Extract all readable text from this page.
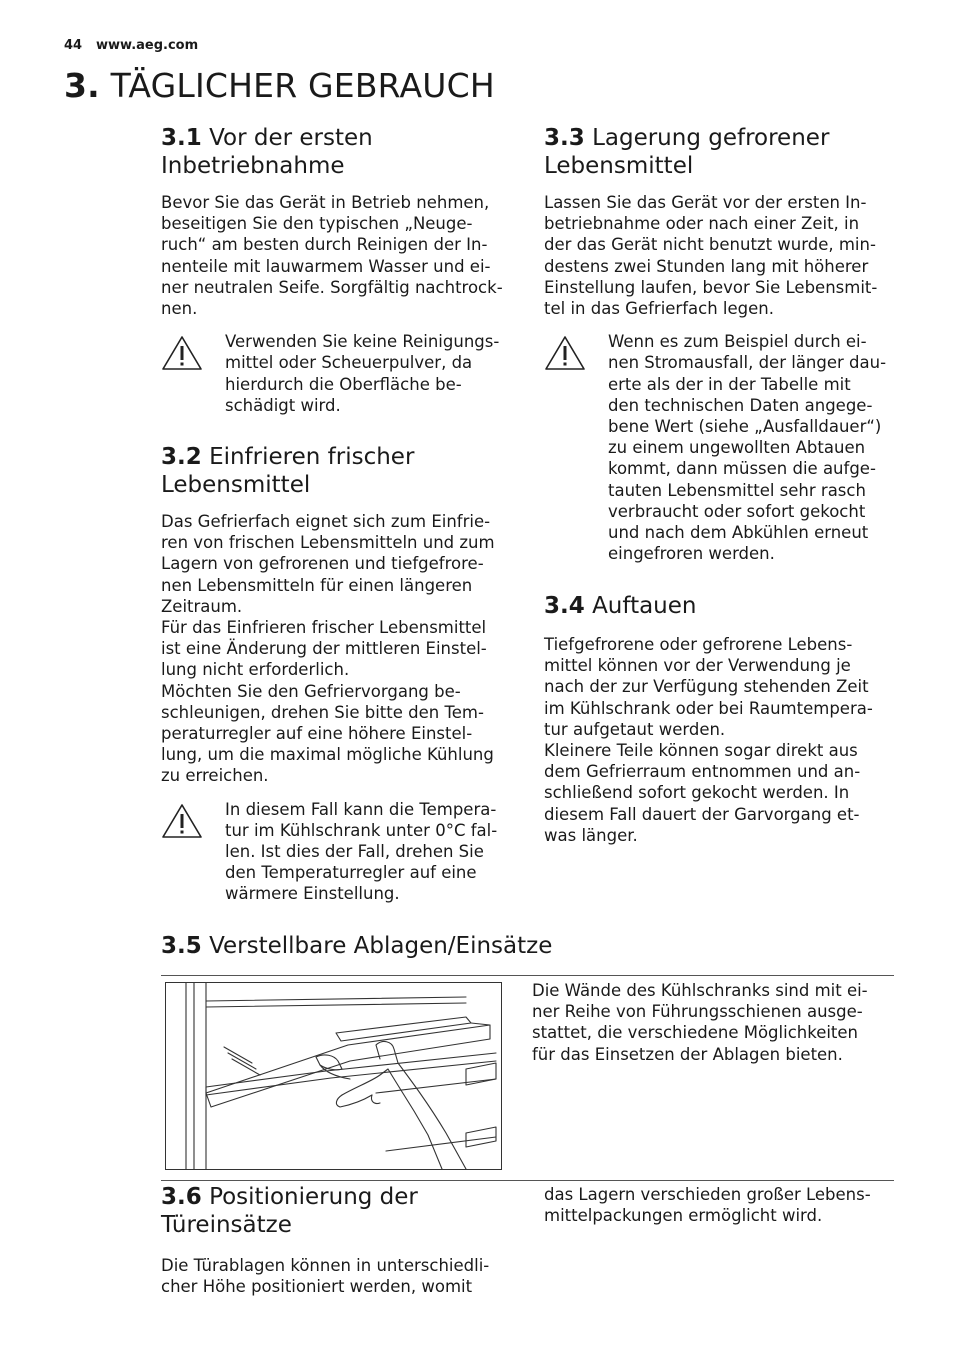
44 www.aeg.com
3. TÄGLICHER GEBRAUCH
3.1 Vor der ersten
Inbetriebnahme

Bevor Sie das Gerät in Betrieb nehmen,
beseitigen Sie den typischen „Neuge-
ruch“ am besten durch Reinigen der In-
nenteile mit lauwarmem Wasser und ei-
ner neutralen Seife. Sorgfältig nachtrock-
nen.

Verwenden Sie keine Reinigungs-
mittel oder Scheuerpulver, da
hierdurch die Oberfläche be-
schädigt wird.
3.2 Einfrieren frischer
Lebensmittel

Das Gefrierfach eignet sich zum Einfrie-
ren von frischen Lebensmitteln und zum
Lagern von gefrorenen und tiefgefrore-
nen Lebensmitteln für einen längeren
Zeitraum.
Für das Einfrieren frischer Lebensmittel
ist eine Änderung der mittleren Einstel-
lung nicht erforderlich.
Möchten Sie den Gefriervorgang be-
schleunigen, drehen Sie bitte den Tem-
peraturregler auf eine höhere Einstel-
lung, um die maximal mögliche Kühlung
zu erreichen.

In diesem Fall kann die Tempera-
tur im Kühlschrank unter 0°C fal-
len. Ist dies der Fall, drehen Sie
den Temperaturregler auf eine
wärmere Einstellung.
3.3 Lagerung gefrorener
Lebensmittel

Lassen Sie das Gerät vor der ersten In-
betriebnahme oder nach einer Zeit, in
der das Gerät nicht benutzt wurde, min-
destens zwei Stunden lang mit höherer
Einstellung laufen, bevor Sie Lebensmit-
tel in das Gefrierfach legen.

Wenn es zum Beispiel durch ei-
nen Stromausfall, der länger dau-
erte als der in der Tabelle mit
den technischen Daten angege-
bene Wert (siehe „Ausfalldauer“)
zu einem ungewollten Abtauen
kommt, dann müssen die aufge-
tauten Lebensmittel sehr rasch
verbraucht oder sofort gekocht
und nach dem Abkühlen erneut
eingefroren werden.
3.4 Auftauen

Tiefgefrorene oder gefrorene Lebens-
mittel können vor der Verwendung je
nach der zur Verfügung stehenden Zeit
im Kühlschrank oder bei Raumtempera-
tur aufgetaut werden.
Kleinere Teile können sogar direkt aus
dem Gefrierraum entnommen und an-
schließend sofort gekocht werden. In
diesem Fall dauert der Garvorgang et-
was länger.

3.5 Verstellbare Ablagen/Einsätze

Die Wände des Kühlschranks sind mit ei-
ner Reihe von Führungsschienen ausge-
stattet, die verschiedene Möglichkeiten
für das Einsetzen der Ablagen bieten.

3.6 Positionierung der
Türeinsätze

Die Türablagen können in unterschiedli-
cher Höhe positioniert werden, womit

das Lagern verschieden großer Lebens-
mittelpackungen ermöglicht wird.
